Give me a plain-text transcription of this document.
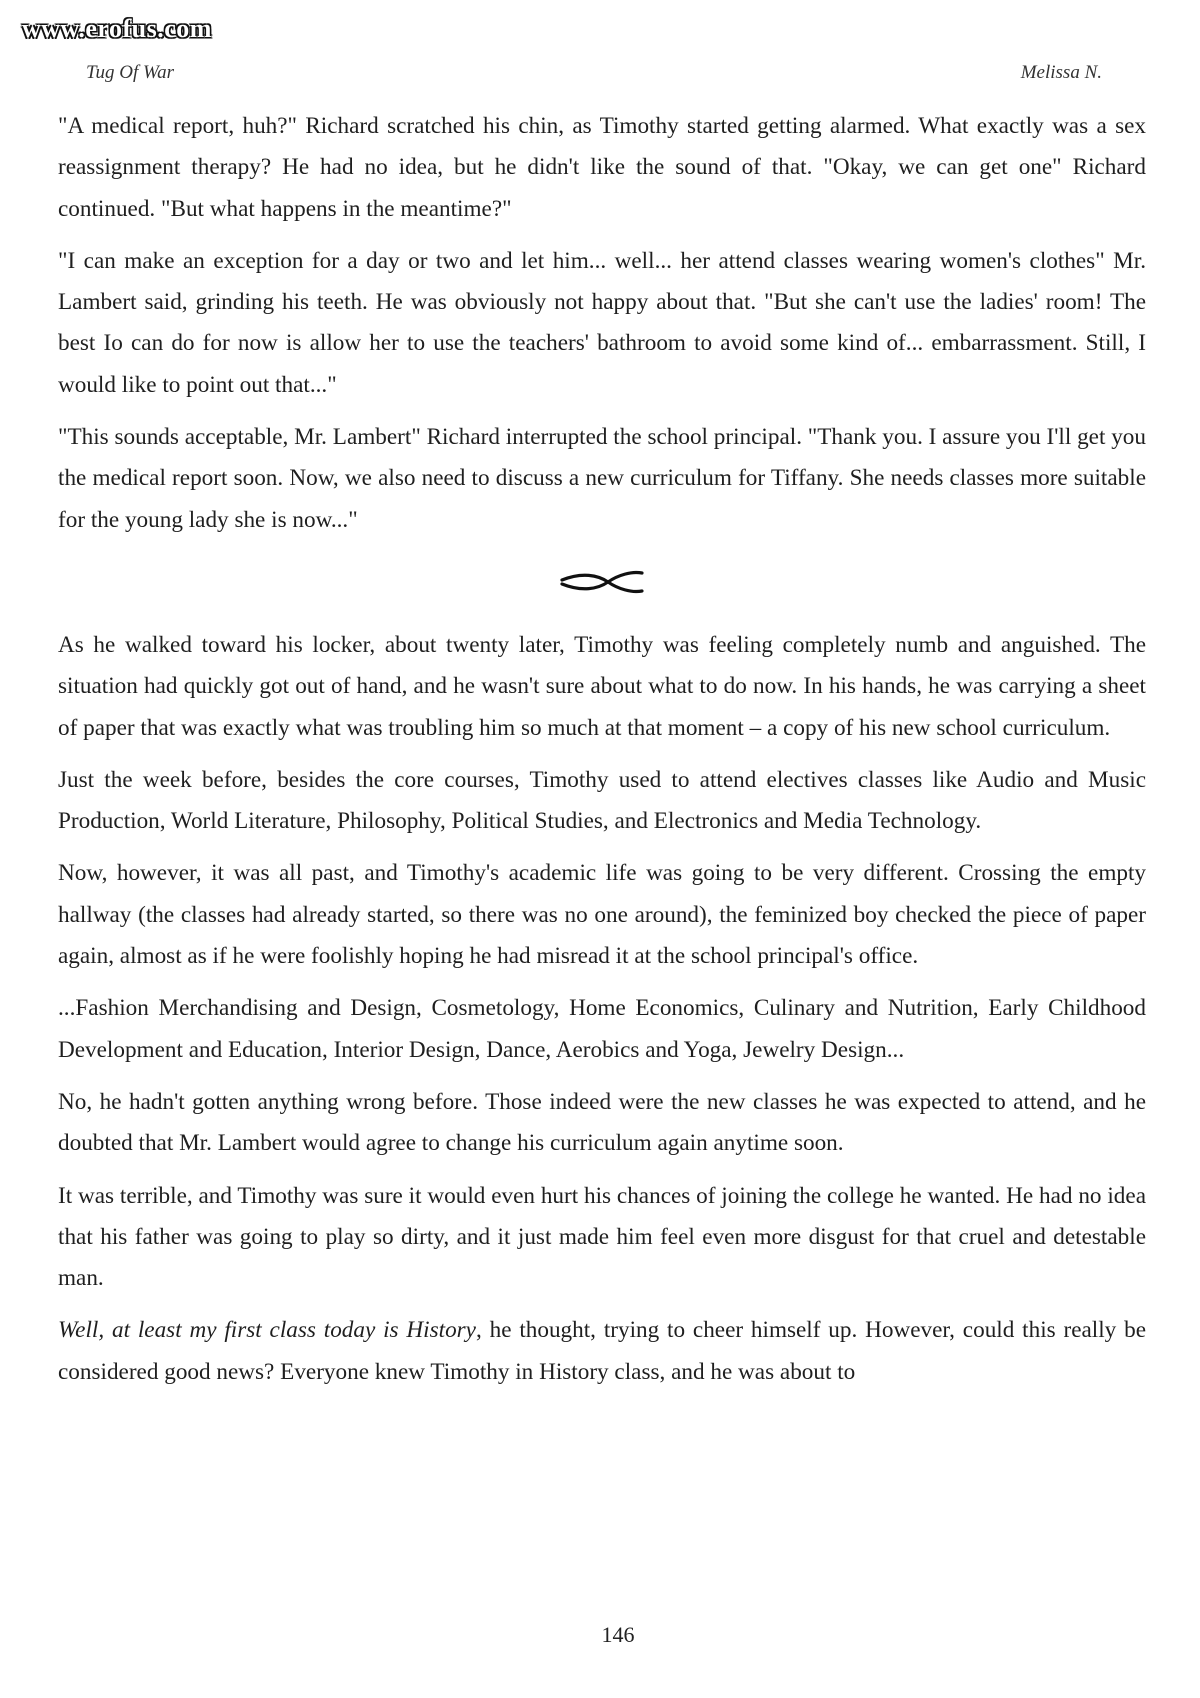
www.erofus.com
Tug Of War	Melissa N.

"A medical report, huh?" Richard scratched his chin, as Timothy started getting alarmed. What exactly was a sex reassignment therapy? He had no idea, but he didn't like the sound of that. "Okay, we can get one" Richard continued. "But what happens in the meantime?"

"I can make an exception for a day or two and let him... well... her attend classes wearing women's clothes" Mr. Lambert said, grinding his teeth. He was obviously not happy about that. "But she can't use the ladies' room! The best Io can do for now is allow her to use the teachers' bathroom to avoid some kind of... embarrassment. Still, I would like to point out that..."

"This sounds acceptable, Mr. Lambert" Richard interrupted the school principal. "Thank you. I assure you I'll get you the medical report soon. Now, we also need to discuss a new curriculum for Tiffany. She needs classes more suitable for the young lady she is now..."

As he walked toward his locker, about twenty later, Timothy was feeling completely numb and anguished. The situation had quickly got out of hand, and he wasn't sure about what to do now. In his hands, he was carrying a sheet of paper that was exactly what was troubling him so much at that moment – a copy of his new school curriculum.

Just the week before, besides the core courses, Timothy used to attend electives classes like Audio and Music Production, World Literature, Philosophy, Political Studies, and Electronics and Media Technology.

Now, however, it was all past, and Timothy's academic life was going to be very different. Crossing the empty hallway (the classes had already started, so there was no one around), the feminized boy checked the piece of paper again, almost as if he were foolishly hoping he had misread it at the school principal's office.

...Fashion Merchandising and Design, Cosmetology, Home Economics, Culinary and Nutrition, Early Childhood Development and Education, Interior Design, Dance, Aerobics and Yoga, Jewelry Design...

No, he hadn't gotten anything wrong before. Those indeed were the new classes he was expected to attend, and he doubted that Mr. Lambert would agree to change his curriculum again anytime soon.

It was terrible, and Timothy was sure it would even hurt his chances of joining the college he wanted. He had no idea that his father was going to play so dirty, and it just made him feel even more disgust for that cruel and detestable man.

Well, at least my first class today is History, he thought, trying to cheer himself up. However, could this really be considered good news? Everyone knew Timothy in History class, and he was about to

146
